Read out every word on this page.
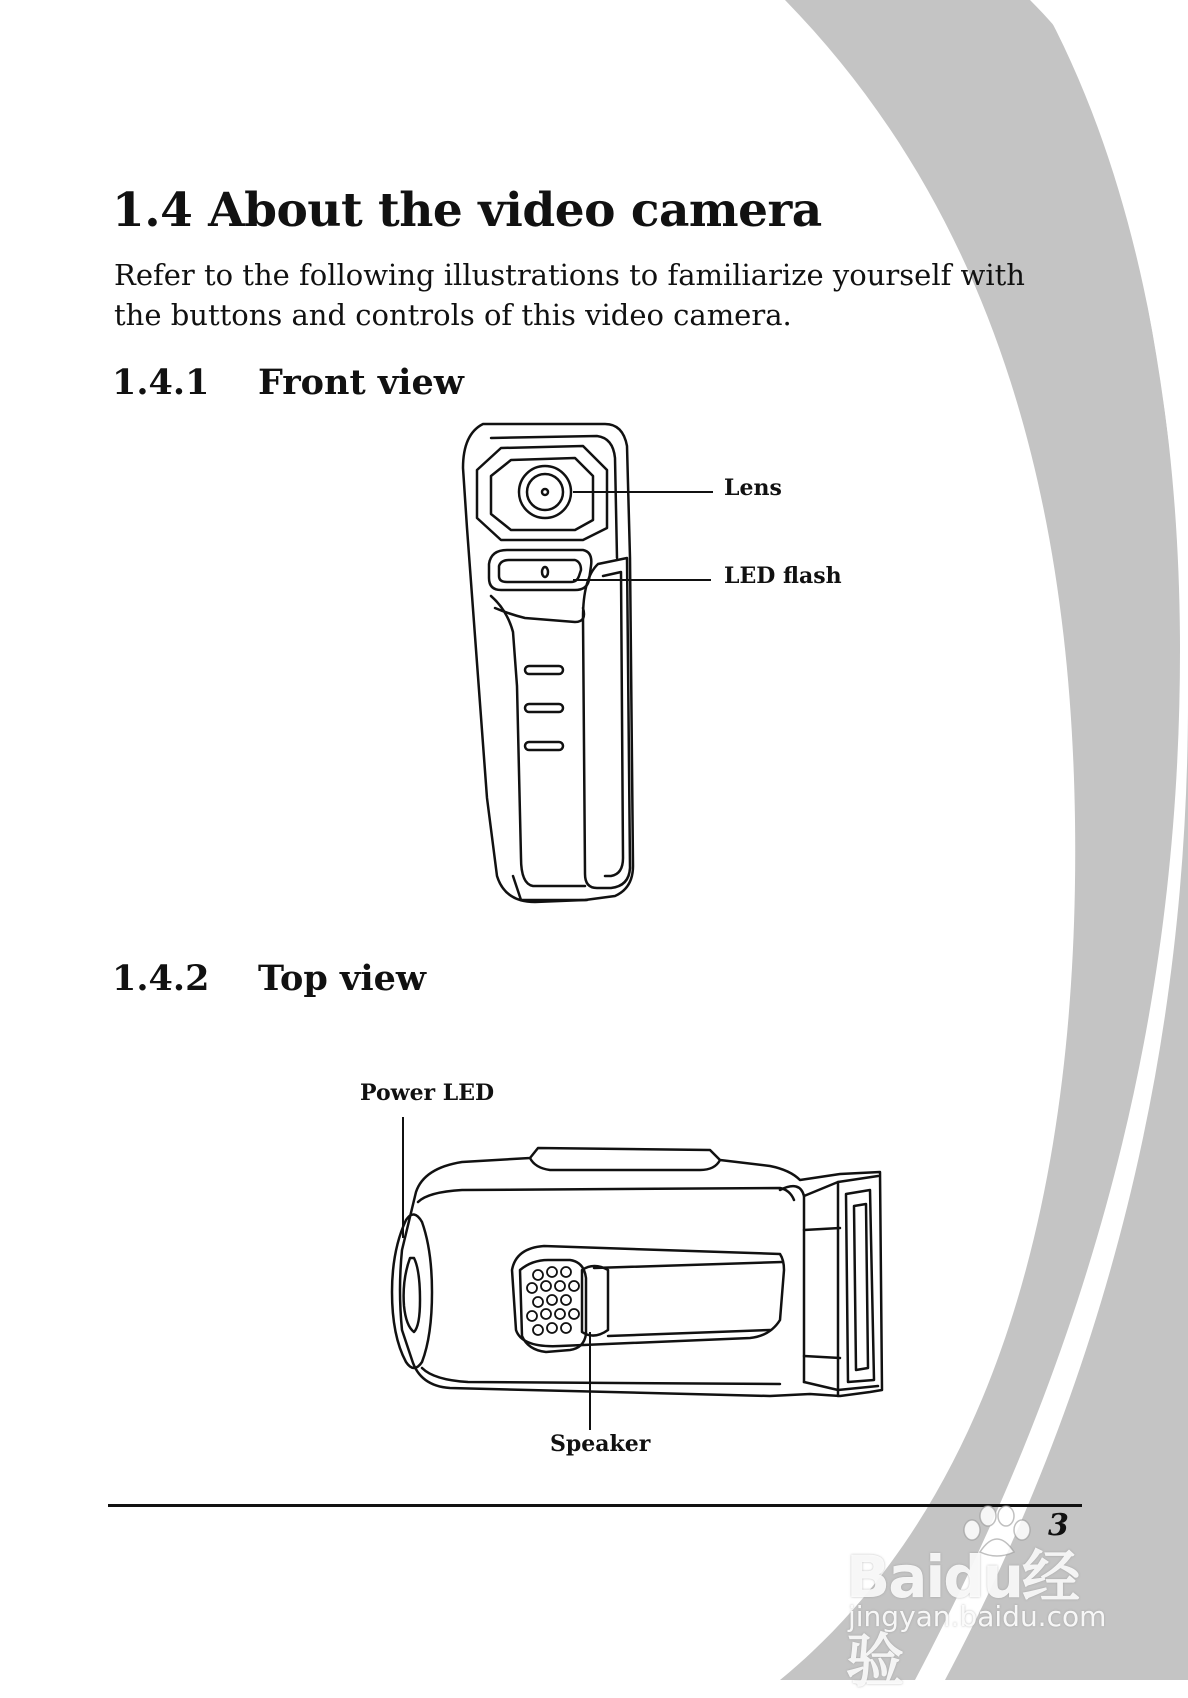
1.4 About the video camera

Refer to the following illustrations to familiarize yourself with the buttons and controls of this video camera.

1.4.1 Front view
Lens
LED flash
1.4.2 Top view
Power LED
Speaker
3
Baidu经验
jingyan.baidu.com
